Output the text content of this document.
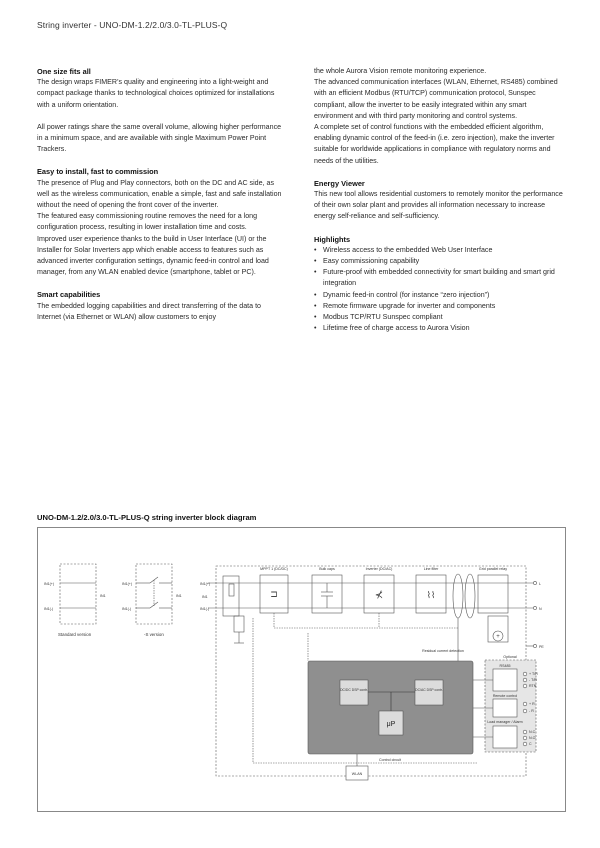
String inverter - UNO-DM-1.2/2.0/3.0-TL-PLUS-Q
One size fits all

The design wraps FIMER’s quality and engineering into a light-weight and compact package thanks to technological choices optimized for installations with a uniform orientation.

All power ratings share the same overall volume, allowing higher performance in a minimum space, and are available with single Maximum Power Point Trackers.

Easy to install, fast to commission

The presence of Plug and Play connectors, both on the DC and AC side, as well as the wireless communication, enable a simple, fast and safe installation without the need of opening the front cover of the inverter.

The featured easy commissioning routine removes the need for a long configuration process, resulting in lower installation time and costs.

Improved user experience thanks to the build in User Interface (UI) or the Installer for Solar Inverters app which enable access to features such as advanced inverter configuration settings, dynamic feed-in control and load manager, from any WLAN enabled device (smartphone, tablet or PC).

Smart capabilities

The embedded logging capabilities and direct transferring of the data to Internet (via Ethernet or WLAN) allow customers to enjoy

the whole Aurora Vision remote monitoring experience.

The advanced communication interfaces (WLAN, Ethernet, RS485) combined with an efficient Modbus (RTU/TCP) communication protocol, Sunspec compliant, allow the inverter to be easily integrated within any smart environment and with third party monitoring and control systems.

A complete set of control functions with the embedded efficient algorithm, enabling dynamic control of the feed-in (i.e. zero injection), make the inverter suitable for worldwide applications in compliance with regulatory norms and needs of the utilities.

Energy Viewer

This new tool allows residential customers to remotely monitor the performance of their own solar plant and provides all information necessary to increase energy self-reliance and self-sufficiency.

Highlights
• Wireless access to the embedded Web User Interface
• Easy commissioning capability
• Future-proof with embedded connectivity for smart building and smart grid integration
• Dynamic feed-in control (for instance “zero injection”)
• Remote firmware upgrade for inverter and components
• Modbus TCP/RTU Sunspec compliant
• Lifetime free of charge access to Aurora Vision
UNO-DM-1.2/2.0/3.0-TL-PLUS-Q string inverter block diagram
⊐	⊀	⌇⌇
+
IN1(+)
IN1(-)
IN1
IN1(+)
IN1(-)
IN1
IN1(+)
IN1(-)
IN1
Standard version	-S version
MPPT 1 (DC/DC)	Bulk caps	Inverter (DC/AC)	Line filter	Grid parallel relay
L
N
PE
Residual current detection
DC/DC DSP contr.	DC/AC DSP contr.
μP
Control circuit
WLAN
Optional
RS485
+ T/R
- T/R
RTN
Remote control
+ R
- R
Load manager / Alarm
N.C
N.O
C
